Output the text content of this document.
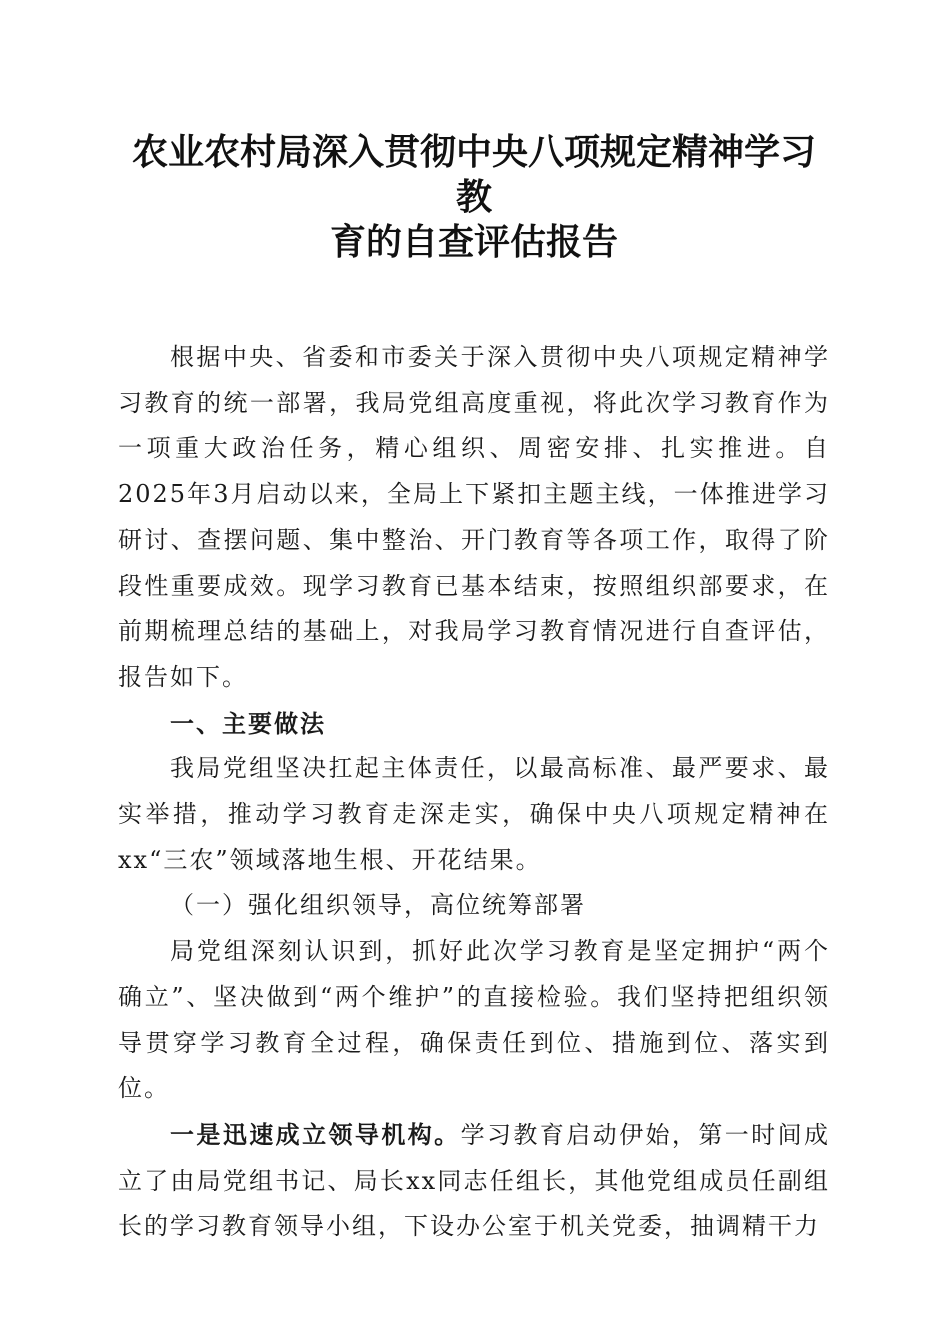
农业农村局深入贯彻中央八项规定精神学习教
育的自查评估报告

根据中央、省委和市委关于深入贯彻中央八项规定精神学习教育的统一部署，我局党组高度重视，将此次学习教育作为一项重大政治任务，精心组织、周密安排、扎实推进。自2025年3月启动以来，全局上下紧扣主题主线，一体推进学习研讨、查摆问题、集中整治、开门教育等各项工作，取得了阶段性重要成效。现学习教育已基本结束，按照组织部要求，在前期梳理总结的基础上，对我局学习教育情况进行自查评估，报告如下。

一、主要做法

我局党组坚决扛起主体责任，以最高标准、最严要求、最实举措，推动学习教育走深走实，确保中央八项规定精神在xx“三农”领域落地生根、开花结果。

（一）强化组织领导，高位统筹部署

局党组深刻认识到，抓好此次学习教育是坚定拥护“两个确立”、坚决做到“两个维护”的直接检验。我们坚持把组织领导贯穿学习教育全过程，确保责任到位、措施到位、落实到位。

一是迅速成立领导机构。学习教育启动伊始，第一时间成立了由局党组书记、局长xx同志任组长，其他党组成员任副组长的学习教育领导小组，下设办公室于机关党委，抽调精干力
